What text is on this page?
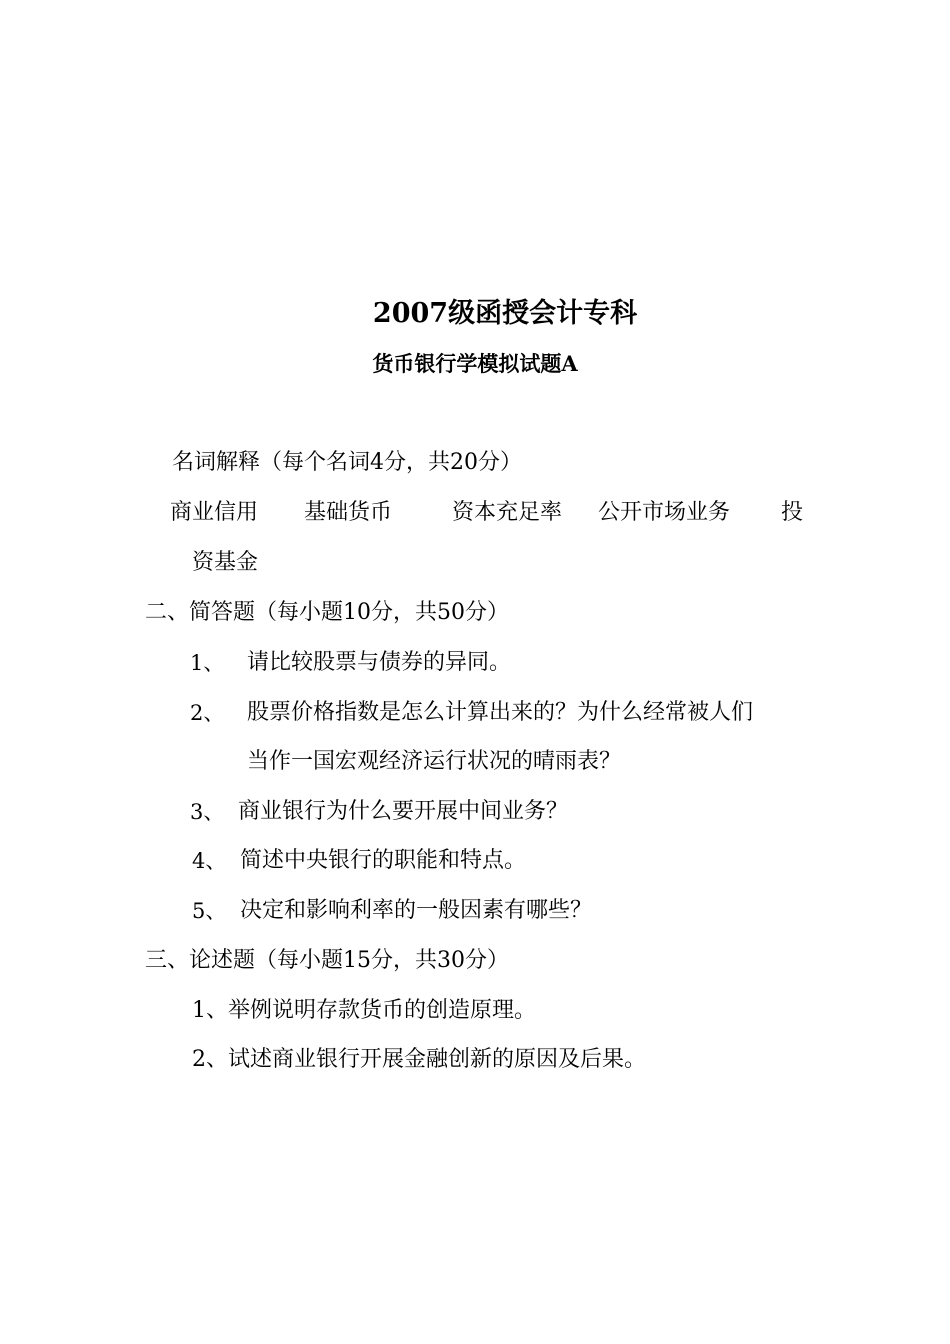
2007级函授会计专科
货币银行学模拟试题A
名词解释（每个名词4分，共20分）
商业信用 基础货币	资本充足率 公开市场业务 投
资基金
二、简答题（每小题10分，共50分）
1、 请比较股票与债券的异同。
2、 股票价格指数是怎么计算出来的？为什么经常被人们
当作一国宏观经济运行状况的晴雨表？
3、 商业银行为什么要开展中间业务？
4、 简述中央银行的职能和特点。
5、 决定和影响利率的一般因素有哪些？
三、论述题（每小题15分，共30分）
1、举例说明存款货币的创造原理。
2、试述商业银行开展金融创新的原因及后果。
